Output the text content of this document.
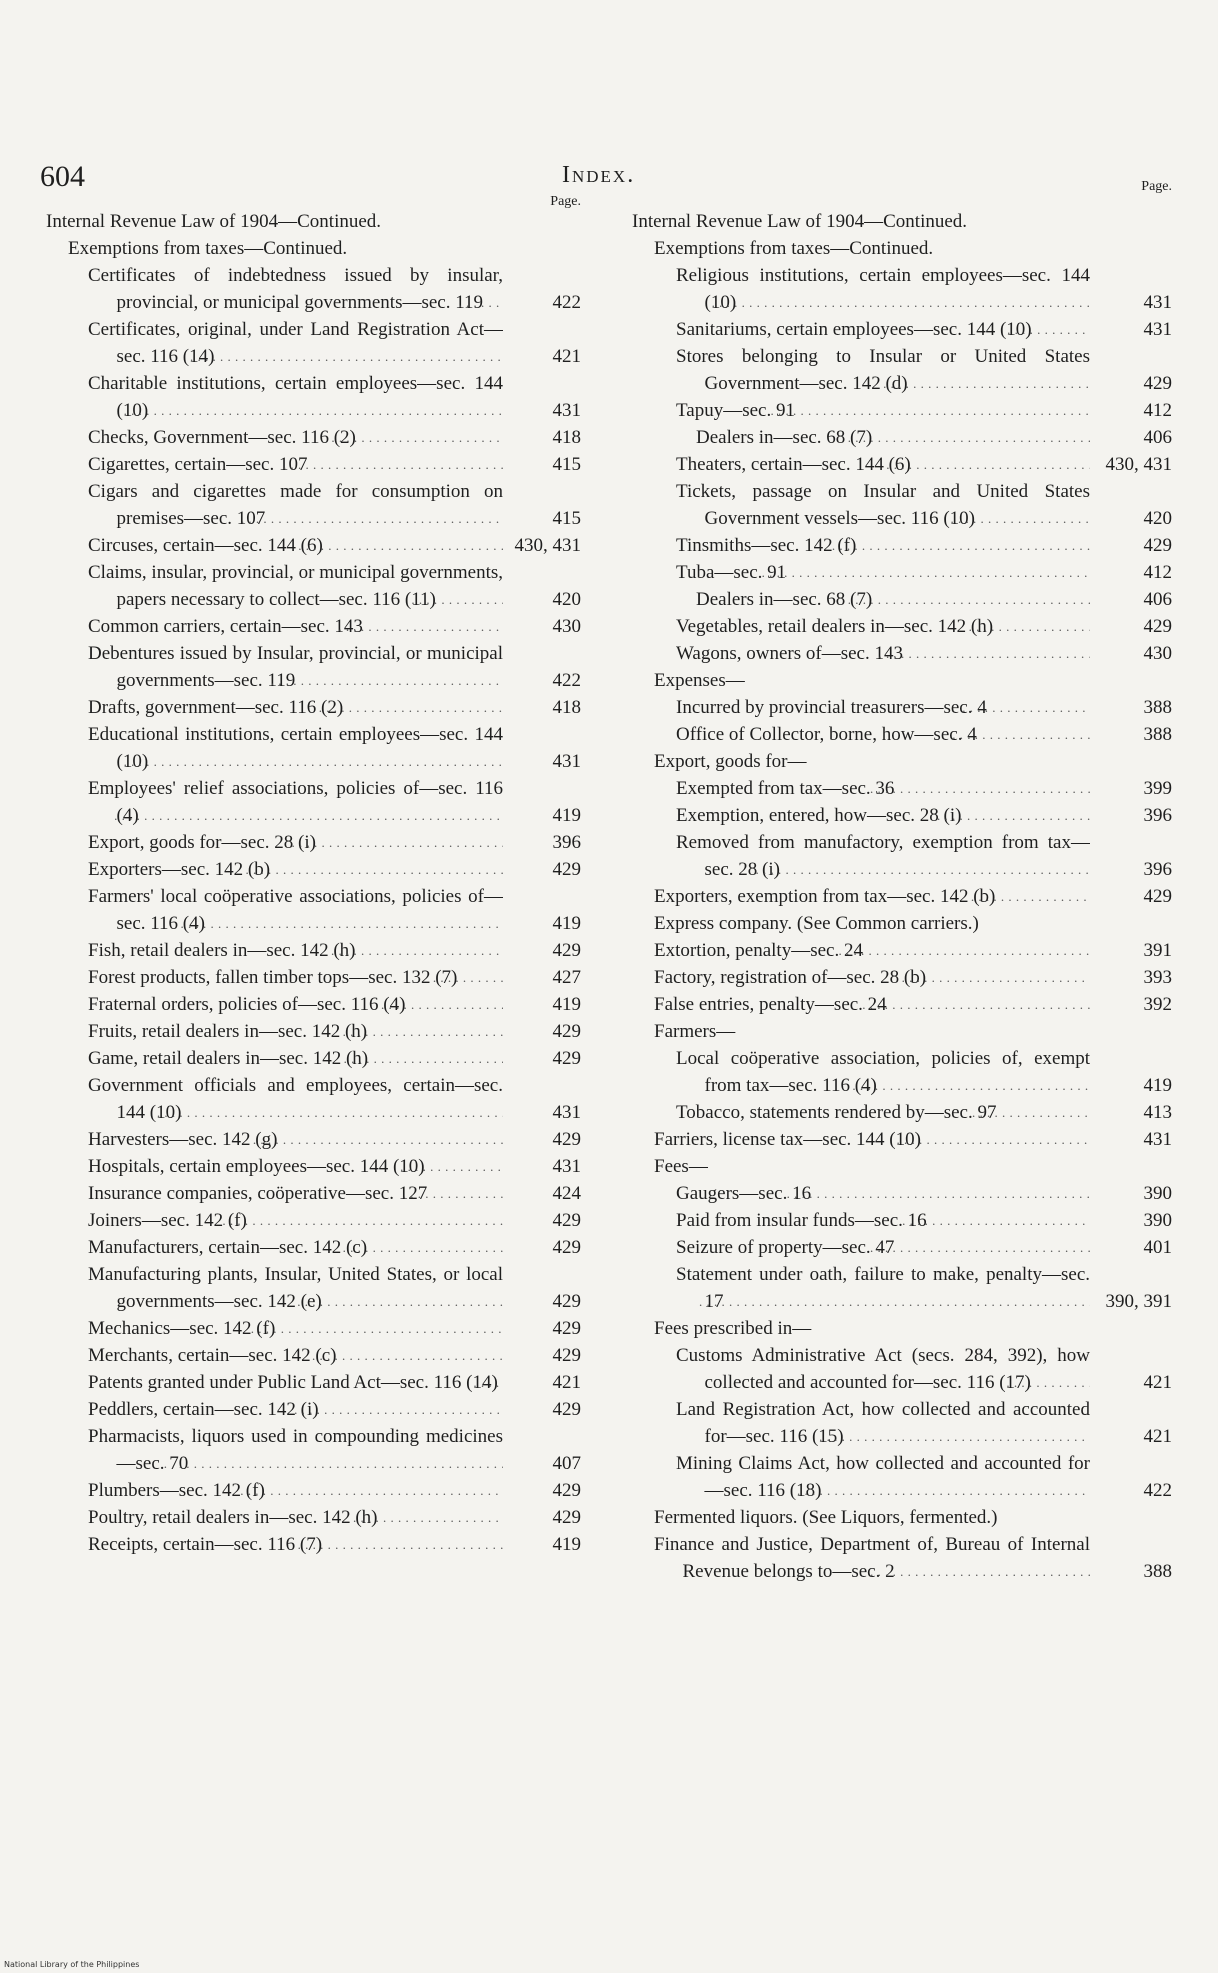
604	Index.
Page.
Internal Revenue Law of 1904—Continued.
Exemptions from taxes—Continued.
Certificates of indebtedness issued by insular, provincial, or municipal governments—sec. 119 . . .	422
Certificates, original, under Land Registration Act—sec. 116 (14) . . .	421
Charitable institutions, certain employees—sec. 144 (10) . . .	431
Checks, Government—sec. 116 (2) . . .	418
Cigarettes, certain—sec. 107 . . .	415
Cigars and cigarettes made for consumption on premises—sec. 107 . . .	415
Circuses, certain—sec. 144 (6) . . .	430, 431
Claims, insular, provincial, or municipal governments, papers necessary to collect—sec. 116 (11) . . .	420
Common carriers, certain—sec. 143 . . .	430
Debentures issued by Insular, provincial, or municipal governments—sec. 119 . . .	422
Drafts, government—sec. 116 (2) . . .	418
Educational institutions, certain employees—sec. 144 (10) . . .	431
Employees' relief associations, policies of—sec. 116 (4) . . .	419
Export, goods for—sec. 28 (i) . . .	396
Exporters—sec. 142 (b) . . .	429
Farmers' local coöperative associations, policies of—sec. 116 (4) . . .	419
Fish, retail dealers in—sec. 142 (h) . . .	429
Forest products, fallen timber tops—sec. 132 (7) . . .	427
Fraternal orders, policies of—sec. 116 (4) . . .	419
Fruits, retail dealers in—sec. 142 (h) . . .	429
Game, retail dealers in—sec. 142 (h) . . .	429
Government officials and employees, certain—sec. 144 (10) . . .	431
Harvesters—sec. 142 (g) . . .	429
Hospitals, certain employees—sec. 144 (10) . . .	431
Insurance companies, coöperative—sec. 127 . . .	424
Joiners—sec. 142 (f) . . .	429
Manufacturers, certain—sec. 142 (c) . . .	429
Manufacturing plants, Insular, United States, or local governments—sec. 142 (e) . . .	429
Mechanics—sec. 142 (f) . . .	429
Merchants, certain—sec. 142 (c) . . .	429
Patents granted under Public Land Act—sec. 116 (14) . . .	421
Peddlers, certain—sec. 142 (i) . . .	429
Pharmacists, liquors used in compounding medicines—sec. 70 . . .	407
Plumbers—sec. 142 (f) . . .	429
Poultry, retail dealers in—sec. 142 (h) . . .	429
Receipts, certain—sec. 116 (7) . . .	419
Page.
Internal Revenue Law of 1904—Continued.
Exemptions from taxes—Continued.
Religious institutions, certain employees—sec. 144 (10) . . .	431
Sanitariums, certain employees—sec. 144 (10) . . .	431
Stores belonging to Insular or United States Government—sec. 142 (d) . . .	429
Tapuy—sec. 91 . . .	412
Dealers in—sec. 68 (7) . . .	406
Theaters, certain—sec. 144 (6) . . .	430, 431
Tickets, passage on Insular and United States Government vessels—sec. 116 (10) . . .	420
Tinsmiths—sec. 142 (f) . . .	429
Tuba—sec. 91 . . .	412
Dealers in—sec. 68 (7) . . .	406
Vegetables, retail dealers in—sec. 142 (h) . . .	429
Wagons, owners of—sec. 143 . . .	430
Expenses—
Incurred by provincial treasurers—sec. 4 . . .	388
Office of Collector, borne, how—sec. 4 . . .	388
Export, goods for—
Exempted from tax—sec. 36 . . .	399
Exemption, entered, how—sec. 28 (i) . . .	396
Removed from manufactory, exemption from tax—sec. 28 (i) . . .	396
Exporters, exemption from tax—sec. 142 (b) . . .	429
Express company. (See Common carriers.)
Extortion, penalty—sec. 24 . . .	391
Factory, registration of—sec. 28 (b) . . .	393
False entries, penalty—sec. 24 . . .	392
Farmers—
Local coöperative association, policies of, exempt from tax—sec. 116 (4) . . .	419
Tobacco, statements rendered by—sec. 97 . . .	413
Farriers, license tax—sec. 144 (10) . . .	431
Fees—
Gaugers—sec. 16 . . .	390
Paid from insular funds—sec. 16 . . .	390
Seizure of property—sec. 47 . . .	401
Statement under oath, failure to make, penalty—sec. 17 . . .	390, 391
Fees prescribed in—
Customs Administrative Act (secs. 284, 392), how collected and accounted for—sec. 116 (17) . . .	421
Land Registration Act, how collected and accounted for—sec. 116 (15) . . .	421
Mining Claims Act, how collected and accounted for—sec. 116 (18) . . .	422
Fermented liquors. (See Liquors, fermented.)
Finance and Justice, Department of, Bureau of Internal Revenue belongs to—sec. 2 . . .	388
National Library of the Philippines
